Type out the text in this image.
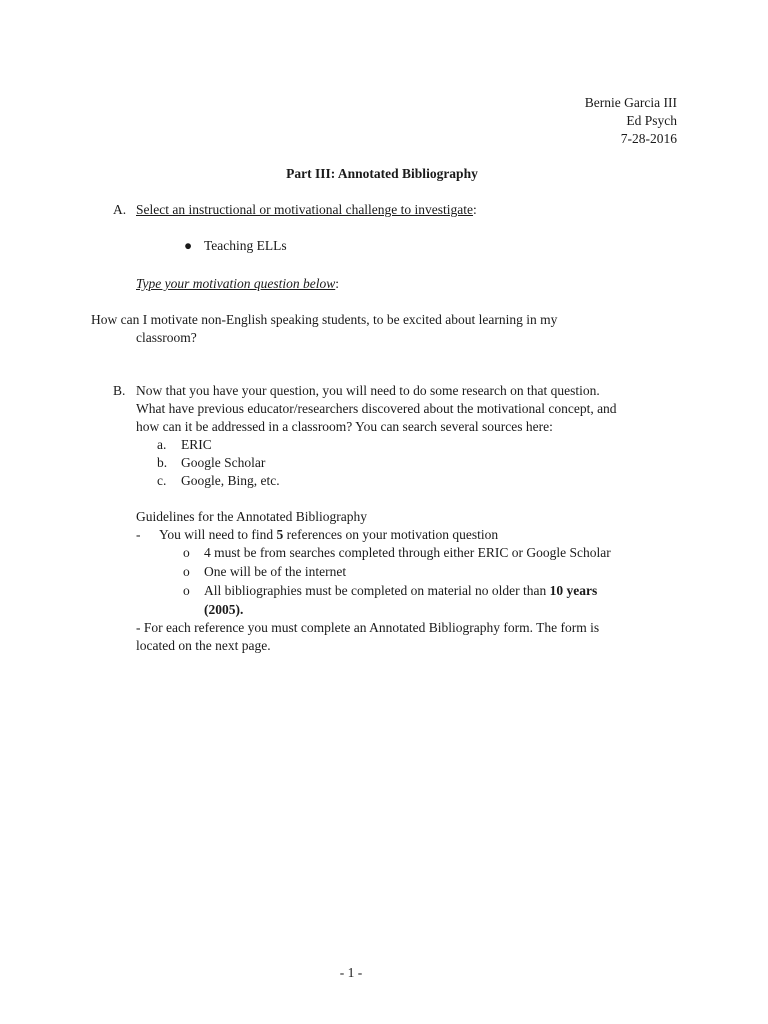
Bernie Garcia III
Ed Psych
7-28-2016
Part III: Annotated Bibliography
A. Select an instructional or motivational challenge to investigate:
● Teaching ELLs
Type your motivation question below:
How can I motivate non-English speaking students, to be excited about learning in my
classroom?
B. Now that you have your question, you will need to do some research on that question.
What have previous educator/researchers discovered about the motivational concept, and
how can it be addressed in a classroom? You can search several sources here:
a. ERIC
b. Google Scholar
c. Google, Bing, etc.
Guidelines for the Annotated Bibliography
- You will need to find 5 references on your motivation question
o 4 must be from searches completed through either ERIC or Google Scholar
o One will be of the internet
o All bibliographies must be completed on material no older than 10 years
(2005).
- For each reference you must complete an Annotated Bibliography form. The form is
located on the next page.
- 1 -
